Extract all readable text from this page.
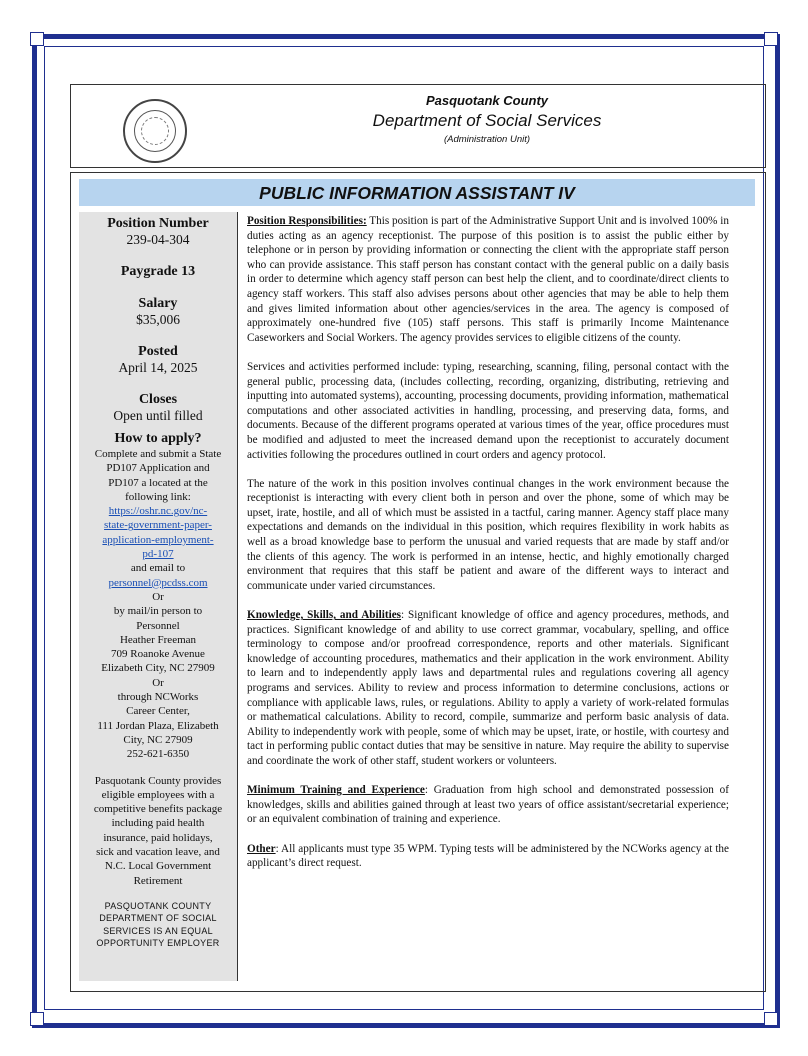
Pasquotank County
Department of Social Services
(Administration Unit)
PUBLIC INFORMATION ASSISTANT IV

Position Number

239-04-304

Paygrade 13

Salary

$35,006

Posted

April 14, 2025

Closes

Open until filled

How to apply?

Complete and submit a State

PD107 Application and

PD107 a located at the

following link:

https://oshr.nc.gov/nc-

state-government-paper-

application-employment-

pd-107

and email to

personnel@pcdss.com

Or

by mail/in person to

Personnel

Heather Freeman

709 Roanoke Avenue

Elizabeth City, NC 27909

Or

through NCWorks

Career Center,

111 Jordan Plaza, Elizabeth

City, NC 27909

252-621-6350

Pasquotank County provides

eligible employees with a

competitive benefits package

including paid health

insurance, paid holidays,

sick and vacation leave, and

N.C. Local Government

Retirement

PASQUOTANK COUNTY

DEPARTMENT OF SOCIAL

SERVICES IS AN EQUAL

OPPORTUNITY EMPLOYER

Position Responsibilities: This position is part of the Administrative Support Unit and is involved 100% in duties acting as an agency receptionist. The purpose of this position is to assist the public either by telephone or in person by providing information or connecting the client with the appropriate staff person who can provide assistance. This staff person has constant contact with the general public on a daily basis in order to determine which agency staff person can best help the client, and to coordinate/direct clients to agency staff workers. This staff also advises persons about other agencies that may be able to help them and gives limited information about other agencies/services in the area. The agency is composed of approximately one-hundred five (105) staff persons. This staff is primarily Income Maintenance Caseworkers and Social Workers. The agency provides services to eligible citizens of the county.

Services and activities performed include: typing, researching, scanning, filing, personal contact with the general public, processing data, (includes collecting, recording, organizing, distributing, retrieving and inputting into automated systems), accounting, processing documents, providing information, mathematical computations and other associated activities in handling, processing, and preserving data, forms, and documents. Because of the different programs operated at various times of the year, office procedures must be modified and adjusted to meet the increased demand upon the receptionist to accurately document activities following the procedures outlined in court orders and agency protocol.

The nature of the work in this position involves continual changes in the work environment because the receptionist is interacting with every client both in person and over the phone, some of which may be upset, irate, hostile, and all of which must be assisted in a tactful, caring manner. Agency staff place many expectations and demands on the individual in this position, which requires flexibility in work habits as well as a broad knowledge base to perform the unusual and varied requests that are made by staff and/or the clients of this agency. The work is performed in an intense, hectic, and highly emotionally charged environment that requires that this staff be patient and aware of the different ways to interact and communicate under varied circumstances.

Knowledge, Skills, and Abilities: Significant knowledge of office and agency procedures, methods, and practices. Significant knowledge of and ability to use correct grammar, vocabulary, spelling, and office terminology to compose and/or proofread correspondence, reports and other materials. Significant knowledge of accounting procedures, mathematics and their application in the work environment. Ability to learn and to independently apply laws and departmental rules and regulations covering all agency programs and services. Ability to review and process information to determine conclusions, actions or compliance with applicable laws, rules, or regulations. Ability to apply a variety of work-related formulas or mathematical calculations. Ability to record, compile, summarize and perform basic analysis of data. Ability to independently work with people, some of which may be upset, irate, or hostile, with courtesy and tact in performing public contact duties that may be sensitive in nature. May require the ability to supervise and coordinate the work of other staff, student workers or volunteers.

Minimum Training and Experience: Graduation from high school and demonstrated possession of knowledges, skills and abilities gained through at least two years of office assistant/secretarial experience; or an equivalent combination of training and experience.

Other: All applicants must type 35 WPM. Typing tests will be administered by the NCWorks agency at the applicant’s direct request.
